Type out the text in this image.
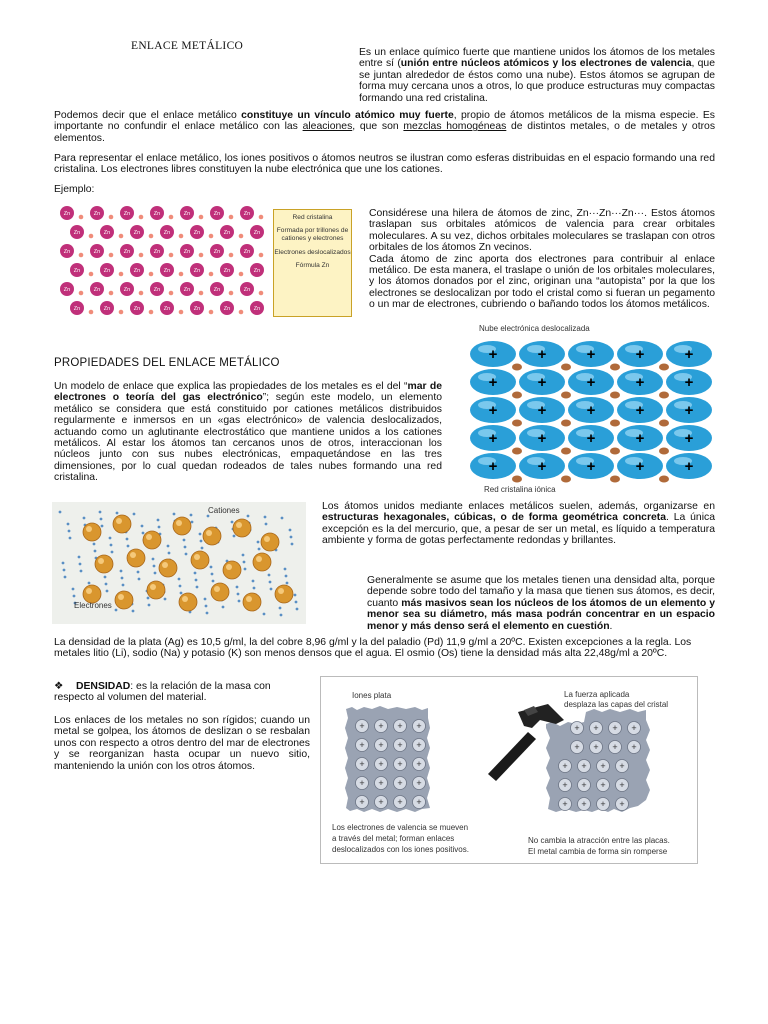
ENLACE METÁLICO
Es un enlace químico fuerte que mantiene unidos los átomos de los metales entre sí (unión entre núcleos atómicos y los electrones de valencia, que se juntan alrededor de éstos como una nube). Estos átomos se agrupan de forma muy cercana unos a otros, lo que produce estructuras muy compactas formando una red cristalina.
Podemos decir que el enlace metálico constituye un vínculo atómico muy fuerte, propio de átomos metálicos de la misma especie. Es importante no confundir el enlace metálico con las aleaciones, que son mezclas homogéneas de distintos metales, o de metales y otros elementos.
Para representar el enlace metálico, los iones positivos o átomos neutros se ilustran como esferas distribuidas en el espacio formando una red cristalina. Los electrones libres constituyen la nube electrónica que une los cationes.
Ejemplo:
Zn	Zn	Zn	Zn	Zn	Zn	Zn
Zn	Zn	Zn	Zn	Zn	Zn	Zn
Zn	Zn	Zn	Zn	Zn	Zn	Zn
Zn	Zn	Zn	Zn	Zn	Zn	Zn
Zn	Zn	Zn	Zn	Zn	Zn	Zn
Zn	Zn	Zn	Zn	Zn	Zn	Zn
Red cristalina
Formada por trillones de cationes y electrones
Electrones deslocalizados
Fórmula Zn
Considérese una hilera de átomos de zinc, Zn···Zn···Zn···. Estos átomos traslapan sus orbitales atómicos de valencia para crear orbitales moleculares. A su vez, dichos orbitales moleculares se traslapan con otros orbitales de los átomos Zn vecinos.
Cada átomo de zinc aporta dos electrones para contribuir al enlace metálico. De esta manera, el traslape o unión de los orbitales moleculares, y los átomos donados por el zinc, originan una “autopista” por la que los electrones se deslocalizan por todo el cristal como si fueran un pegamento o un mar de electrones, cubriendo o bañando todos los átomos metálicos.
Nube electrónica deslocalizada
+	+	+	+	+
+	+	+	+	+
+	+	+	+	+
+	+	+	+	+
+	+	+	+	+
Red cristalina iónica
PROPIEDADES DEL ENLACE METÁLICO
Un modelo de enlace que explica las propiedades de los metales es el del “mar de electrones o teoría del gas electrónico”; según este modelo, un elemento metálico se considera que está constituido por cationes metálicos distribuidos regularmente e inmersos en un «gas electrónico» de valencia deslocalizados, actuando como un aglutinante electrostático que mantiene unidos a los cationes metálicos. Al estar los átomos tan cercanos unos de otros, interaccionan los núcleos junto con sus nubes electrónicas, empaquetándose en las tres dimensiones, por lo cual quedan rodeados de tales nubes formando una red cristalina.
Cationes
Electrones
Los átomos unidos mediante enlaces metálicos suelen, además, organizarse en estructuras hexagonales, cúbicas, o de forma geométrica concreta. La única excepción es la del mercurio, que, a pesar de ser un metal, es líquido a temperatura ambiente y forma de gotas perfectamente redondas y brillantes.
Generalmente se asume que los metales tienen una densidad alta, porque depende sobre todo del tamaño y la masa que tienen sus átomos, es decir, cuanto más masivos sean los núcleos de los átomos de un elemento y menor sea su diámetro, más masa podrán concentrar en un espacio menor y más denso será el elemento en cuestión.
La densidad de la plata (Ag) es 10,5 g/ml, la del cobre 8,96 g/ml y la del paladio (Pd) 11,9 g/ml a 20ºC. Existen excepciones a la regla. Los metales litio (Li), sodio (Na) y potasio (K) son menos densos que el agua. El osmio (Os) tiene la densidad más alta 22,48g/ml a 20ºC.
❖ DENSIDAD: es la relación de la masa con respecto al volumen del material.
Los enlaces de los metales no son rígidos; cuando un metal se golpea, los átomos de deslizan o se resbalan unos con respecto a otros dentro del mar de electrones y se reorganizan hasta ocupar un nuevo sitio, manteniendo la unión con los otros átomos.
+ + + +
+ + + +
+ + + +
+ + + +
+ + + +
+ + + +
+ + + +
+ + + +
+ + + +
+ + + +
Iones plata	La fuerza aplicada
desplaza las capas del cristal
Los electrones de valencia se mueven
a través del metal; forman enlaces
deslocalizados con los iones positivos.
No cambia la atracción entre las placas.
El metal cambia de forma sin romperse
